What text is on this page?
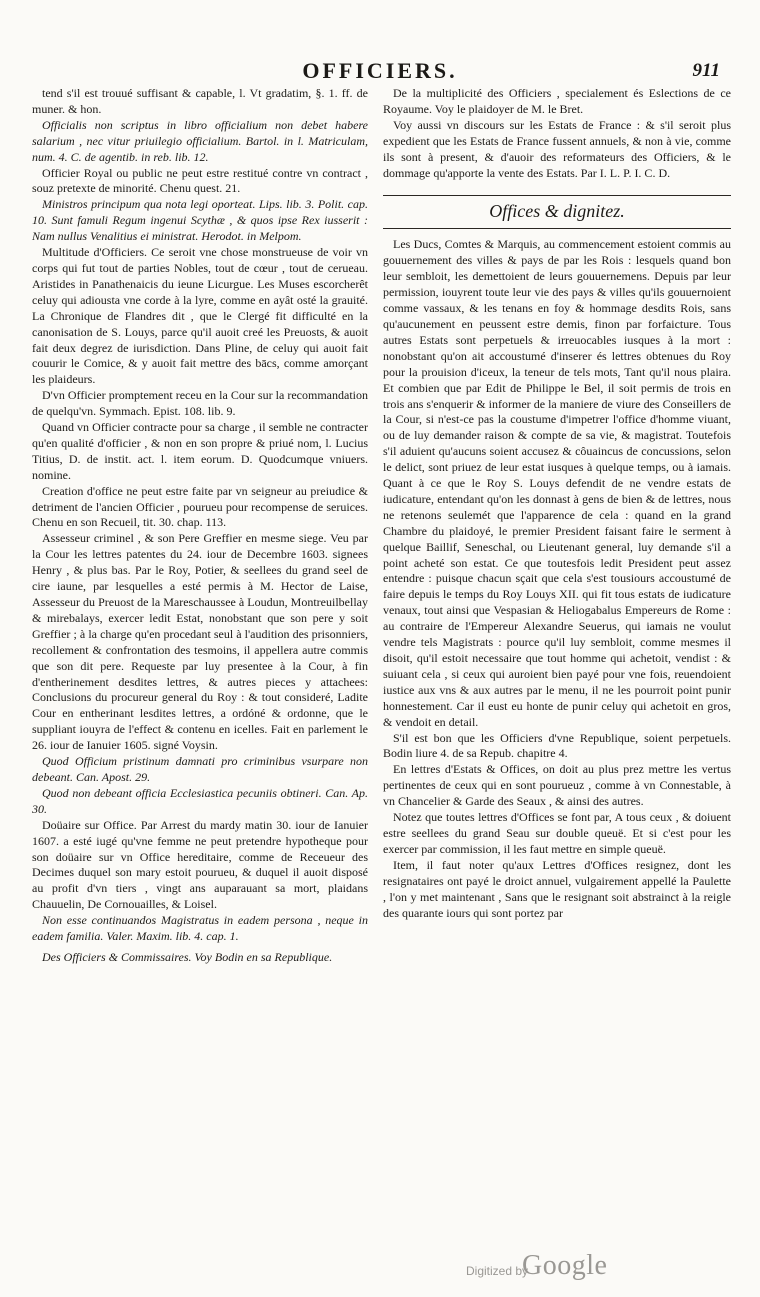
OFFICIERS.	911

tend s'il est trouué suffisant & capable, l. Vt gradatim, §. 1. ff. de muner. & hon.

Officialis non scriptus in libro officialium non debet habere salarium , nec vitur priuilegio officialium. Bartol. in l. Matriculam, num. 4. C. de agentib. in reb. lib. 12.

Officier Royal ou public ne peut estre restitué contre vn contract , souz pretexte de minorité. Chenu quest. 21.

Ministros principum qua nota legi oporteat. Lips. lib. 3. Polit. cap. 10. Sunt famuli Regum ingenui Scythæ , & quos ipse Rex iusserit : Nam nullus Venalitius ei ministrat. Herodot. in Melpom.

Multitude d'Officiers. Ce seroit vne chose monstrueuse de voir vn corps qui fut tout de parties Nobles, tout de cœur , tout de cerueau. Aristides in Panathenaicis du ieune Licurgue. Les Muses escorcherêt celuy qui adiousta vne corde à la lyre, comme en ayât osté la grauité. La Chronique de Flandres dit , que le Clergé fit difficulté en la canonisation de S. Louys, parce qu'il auoit creé les Preuosts, & auoit fait deux degrez de iurisdiction. Dans Pline, de celuy qui auoit fait couurir le Comice, & y auoit fait mettre des bācs, comme amorçant les plaideurs.

D'vn Officier promptement receu en la Cour sur la recommandation de quelqu'vn. Symmach. Epist. 108. lib. 9.

Quand vn Officier contracte pour sa charge , il semble ne contracter qu'en qualité d'officier , & non en son propre & priué nom, l. Lucius Titius, D. de instit. act. l. item eorum. D. Quodcumque vniuers. nomine.

Creation d'office ne peut estre faite par vn seigneur au preiudice & detriment de l'ancien Officier , pourueu pour recompense de seruices. Chenu en son Recueil, tit. 30. chap. 113.

Assesseur criminel , & son Pere Greffier en mesme siege. Veu par la Cour les lettres patentes du 24. iour de Decembre 1603. signees Henry , & plus bas. Par le Roy, Potier, & seellees du grand seel de cire iaune, par lesquelles a esté permis à M. Hector de Laise, Assesseur du Preuost de la Mareschaussee à Loudun, Montreuilbellay & mirebalays, exercer ledit Estat, nonobstant que son pere y soit Greffier ; à la charge qu'en procedant seul à l'audition des prisonniers, recollement & confrontation des tesmoins, il appellera autre commis que son dit pere. Requeste par luy presentee à la Cour, à fin d'entherinement desdites lettres, & autres pieces y attachees: Conclusions du procureur general du Roy : & tout consideré, Ladite Cour en entherinant lesdites lettres, a ordóné & ordonne, que le suppliant iouyra de l'effect & contenu en icelles. Fait en parlement le 26. iour de Ianuier 1605. signé Voysin.

Quod Officium pristinum damnati pro criminibus vsurpare non debeant. Can. Apost. 29.

Quod non debeant officia Ecclesiastica pecuniis obtineri. Can. Ap. 30.

Doüaire sur Office. Par Arrest du mardy matin 30. iour de Ianuier 1607. a esté iugé qu'vne femme ne peut pretendre hypotheque pour son doüaire sur vn Office hereditaire, comme de Receueur des Decimes duquel son mary estoit pourueu, & duquel il auoit disposé au profit d'vn tiers , vingt ans auparauant sa mort, plaidans Chauuelin, De Cornouailles, & Loisel.

Non esse continuandos Magistratus in eadem persona , neque in eadem familia. Valer. Maxim. lib. 4. cap. 1.

Des Officiers & Commissaires. Voy Bodin en sa Republique.

De la multiplicité des Officiers , specialement és Eslections de ce Royaume. Voy le plaidoyer de M. le Bret.

Voy aussi vn discours sur les Estats de France : & s'il seroit plus expedient que les Estats de France fussent annuels, & non à vie, comme ils sont à present, & d'auoir des reformateurs des Officiers, & le dommage qu'apporte la vente des Estats. Par I. L. P. I. C. D.

Offices & dignitez.

Les Ducs, Comtes & Marquis, au commencement estoient commis au gouuernement des villes & pays de par les Rois : lesquels quand bon leur sembloit, les demettoient de leurs gouuernemens. Depuis par leur permission, iouyrent toute leur vie des pays & villes qu'ils gouuernoient comme vassaux, & les tenans en foy & hommage desdits Rois, sans qu'aucunement en peussent estre demis, finon par forfaicture. Tous autres Estats sont perpetuels & irreuocables iusques à la mort : nonobstant qu'on ait accoustumé d'inserer és lettres obtenues du Roy pour la prouision d'iceux, la teneur de tels mots, Tant qu'il nous plaira. Et combien que par Edit de Philippe le Bel, il soit permis de trois en trois ans s'enquerir & informer de la maniere de viure des Conseillers de la Cour, si n'est-ce pas la coustume d'impetrer l'office d'homme viuant, ou de luy demander raison & compte de sa vie, & magistrat. Toutefois s'il aduient qu'aucuns soient accusez & côuaincus de concussions, selon le delict, sont priuez de leur estat iusques à quelque temps, ou à iamais. Quant à ce que le Roy S. Louys defendit de ne vendre estats de iudicature, entendant qu'on les donnast à gens de bien & de lettres, nous ne retenons seulemét que l'apparence de cela : quand en la grand Chambre du plaidoyé, le premier President faisant faire le serment à quelque Baillif, Seneschal, ou Lieutenant general, luy demande s'il a point acheté son estat. Ce que toutesfois ledit President peut assez entendre : puisque chacun sçait que cela s'est tousiours accoustumé de faire depuis le temps du Roy Louys XII. qui fit tous estats de iudicature venaux, tout ainsi que Vespasian & Heliogabalus Empereurs de Rome : au contraire de l'Empereur Alexandre Seuerus, qui iamais ne voulut vendre tels Magistrats : pource qu'il luy sembloit, comme mesmes il disoit, qu'il estoit necessaire que tout homme qui achetoit, vendist : & suiuant cela , si ceux qui auroient bien payé pour vne fois, reuendoient iustice aux vns & aux autres par le menu, il ne les pourroit point punir honnestement. Car il eust eu honte de punir celuy qui achetoit en gros, & vendoit en detail.

S'il est bon que les Officiers d'vne Republique, soient perpetuels. Bodin liure 4. de sa Repub. chapitre 4.

En lettres d'Estats & Offices, on doit au plus prez mettre les vertus pertinentes de ceux qui en sont pourueuz , comme à vn Connestable, à vn Chancelier & Garde des Seaux , & ainsi des autres.

Notez que toutes lettres d'Offices se font par, A tous ceux , & doiuent estre seellees du grand Seau sur double queuë. Et si c'est pour les exercer par commission, il les faut mettre en simple queuë.

Item, il faut noter qu'aux Lettres d'Offices resignez, dont les resignataires ont payé le droict annuel, vulgairement appellé la Paulette , l'on y met maintenant , Sans que le resignant soit abstrainct à la reigle des quarante iours qui sont portez par

Digitized by
Google
